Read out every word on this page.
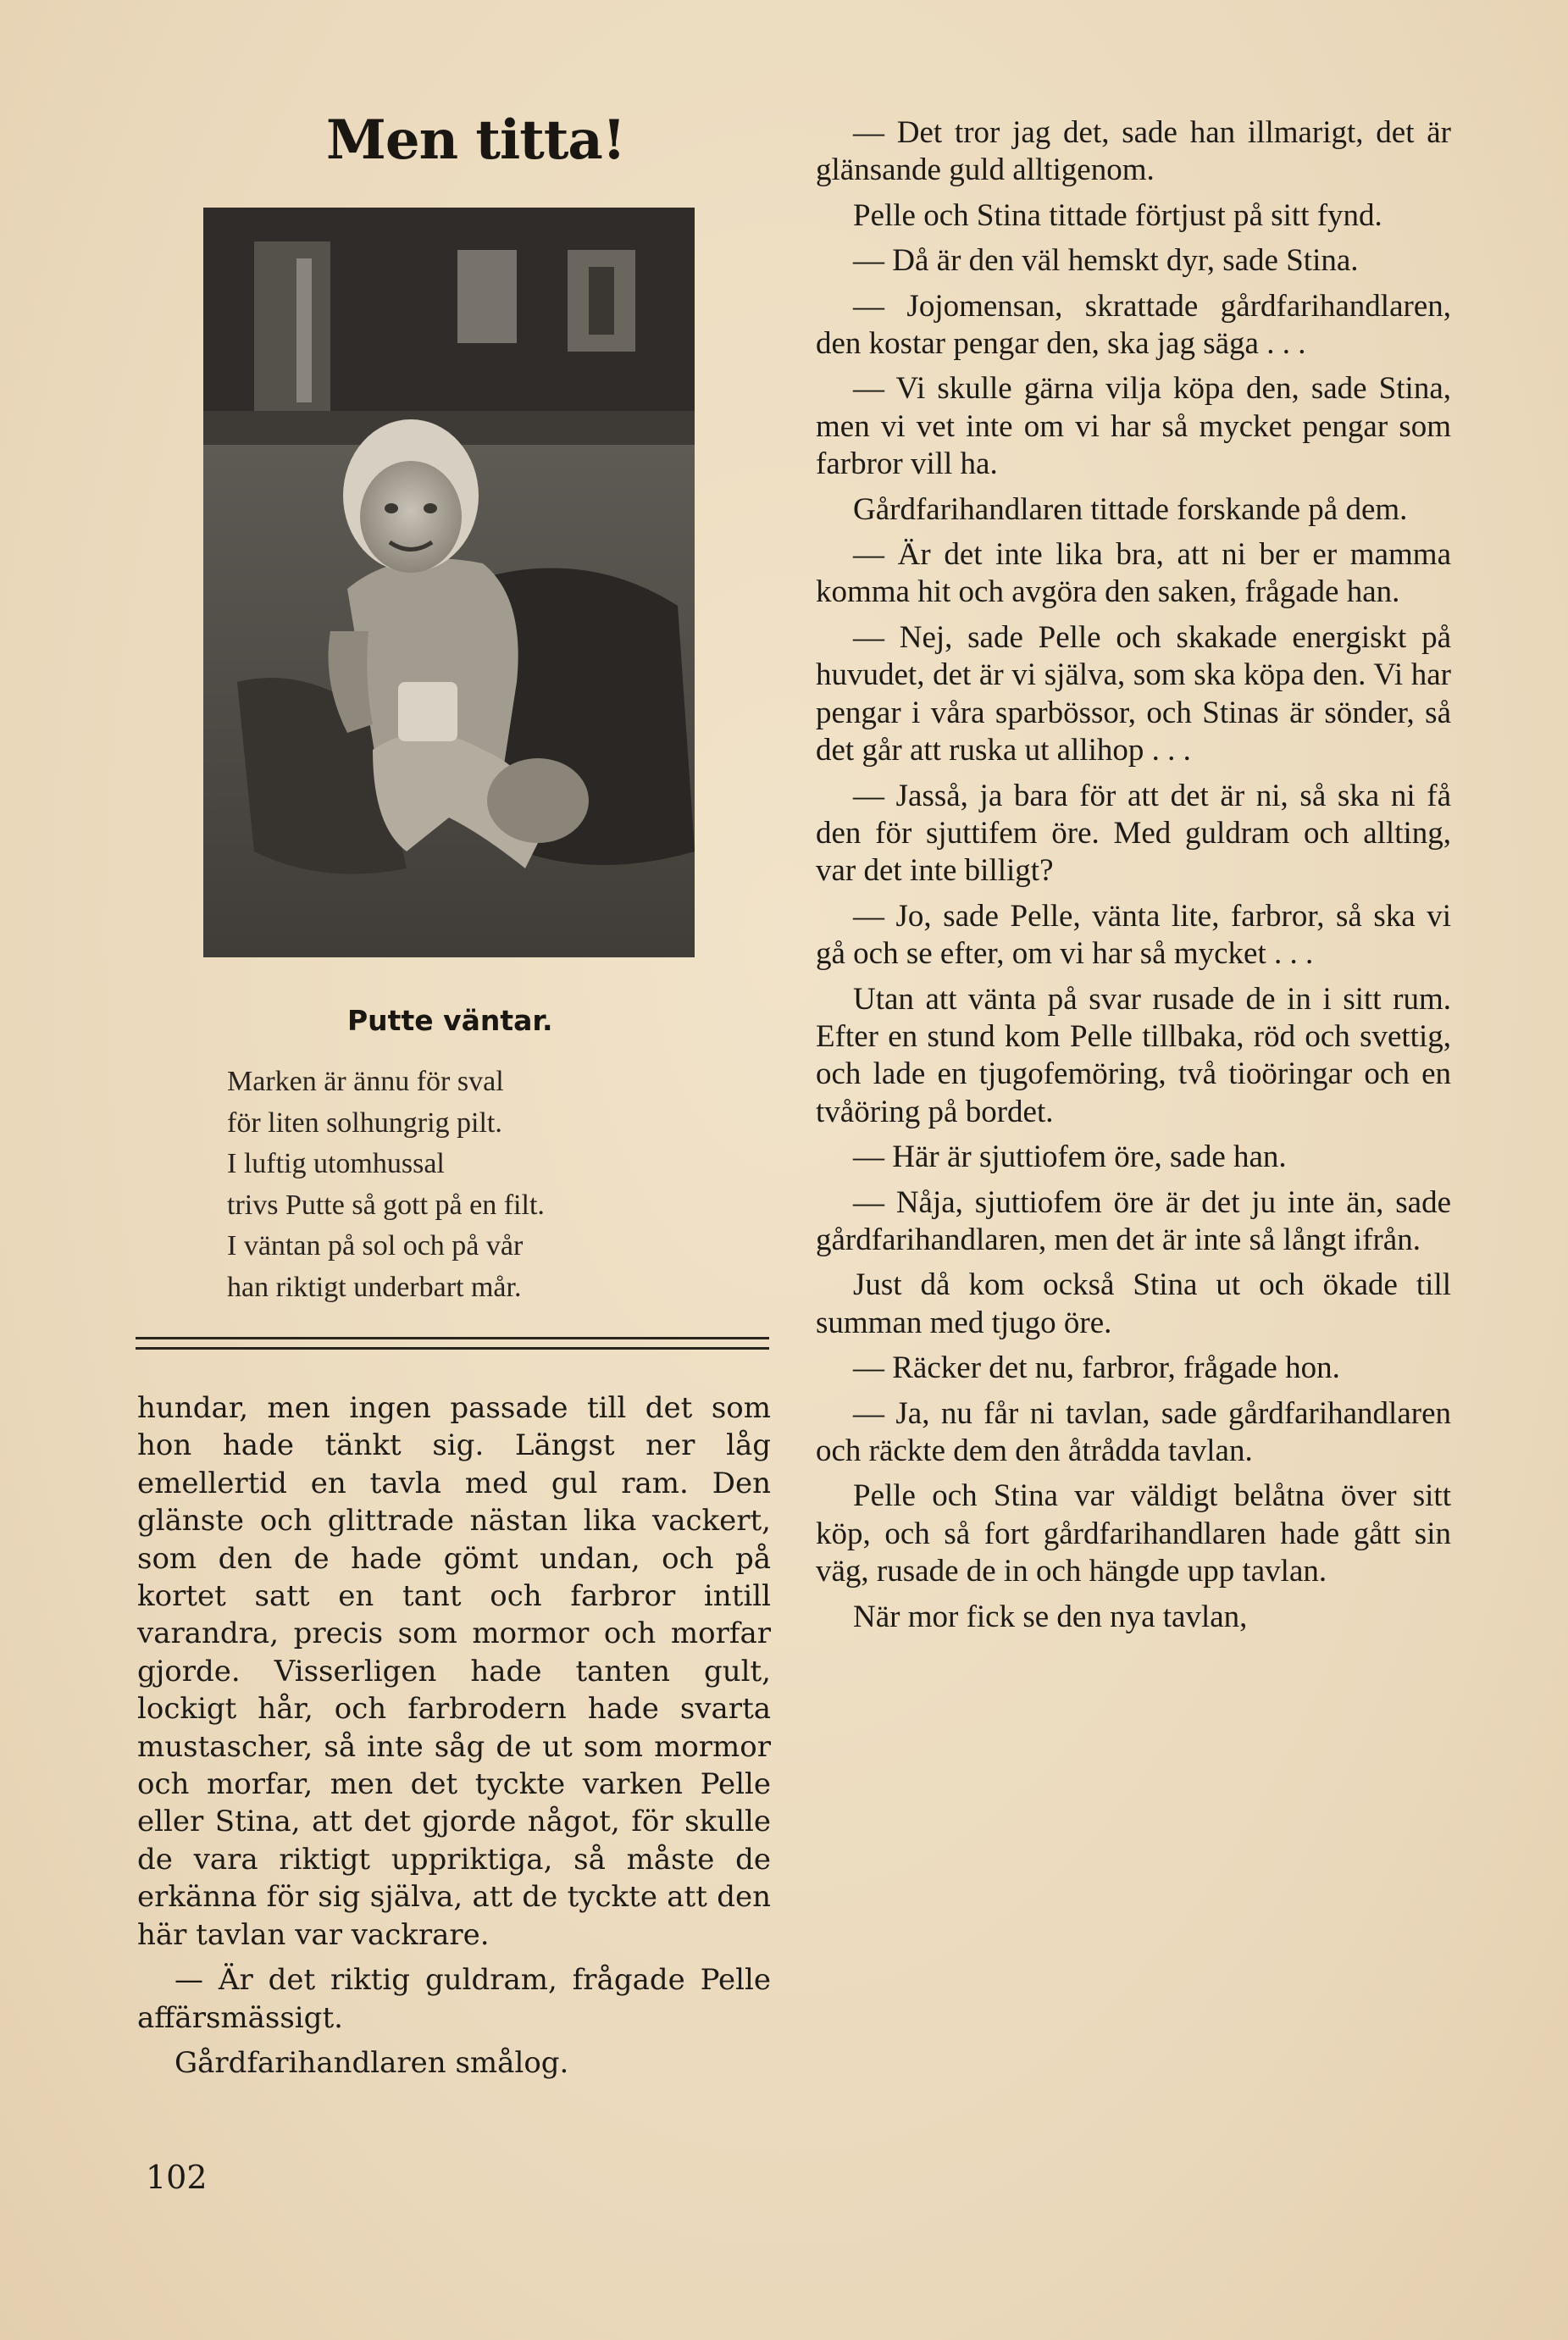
Men titta!
Putte väntar.
Marken är ännu för sval
för liten solhungrig pilt.
I luftig utomhussal
trivs Putte så gott på en filt.
I väntan på sol och på vår
han riktigt underbart mår.

hundar, men ingen passade till det som hon hade tänkt sig. Längst ner låg emellertid en tavla med gul ram. Den glänste och glittrade nästan lika vackert, som den de hade gömt undan, och på kortet satt en tant och farbror intill varandra, precis som mormor och morfar gjorde. Visserligen hade tanten gult, lockigt hår, och farbrodern hade svarta mustascher, så inte såg de ut som mormor och morfar, men det tyckte varken Pelle eller Stina, att det gjorde något, för skulle de vara riktigt uppriktiga, så måste de erkänna för sig själva, att de tyckte att den här tavlan var vackrare.

— Är det riktig guldram, frågade Pelle affärsmässigt.

Gårdfarihandlaren smålog.

— Det tror jag det, sade han illmarigt, det är glänsande guld alltigenom.

Pelle och Stina tittade förtjust på sitt fynd.

— Då är den väl hemskt dyr, sade Stina.

— Jojomensan, skrattade gårdfarihandlaren, den kostar pengar den, ska jag säga . . .

— Vi skulle gärna vilja köpa den, sade Stina, men vi vet inte om vi har så mycket pengar som farbror vill ha.

Gårdfarihandlaren tittade forskande på dem.

— Är det inte lika bra, att ni ber er mamma komma hit och avgöra den saken, frågade han.

— Nej, sade Pelle och skakade energiskt på huvudet, det är vi själva, som ska köpa den. Vi har pengar i våra sparbössor, och Stinas är sönder, så det går att ruska ut allihop . . .

— Jasså, ja bara för att det är ni, så ska ni få den för sjuttifem öre. Med guldram och allting, var det inte billigt?

— Jo, sade Pelle, vänta lite, farbror, så ska vi gå och se efter, om vi har så mycket . . .

Utan att vänta på svar rusade de in i sitt rum. Efter en stund kom Pelle tillbaka, röd och svettig, och lade en tjugofemöring, två tioöringar och en tvåöring på bordet.

— Här är sjuttiofem öre, sade han.

— Nåja, sjuttiofem öre är det ju inte än, sade gårdfarihandlaren, men det är inte så långt ifrån.

Just då kom också Stina ut och ökade till summan med tjugo öre.

— Räcker det nu, farbror, frågade hon.

— Ja, nu får ni tavlan, sade gårdfarihandlaren och räckte dem den åtrådda tavlan.

Pelle och Stina var väldigt belåtna över sitt köp, och så fort gårdfarihandlaren hade gått sin väg, rusade de in och hängde upp tavlan.

När mor fick se den nya tavlan,

102
